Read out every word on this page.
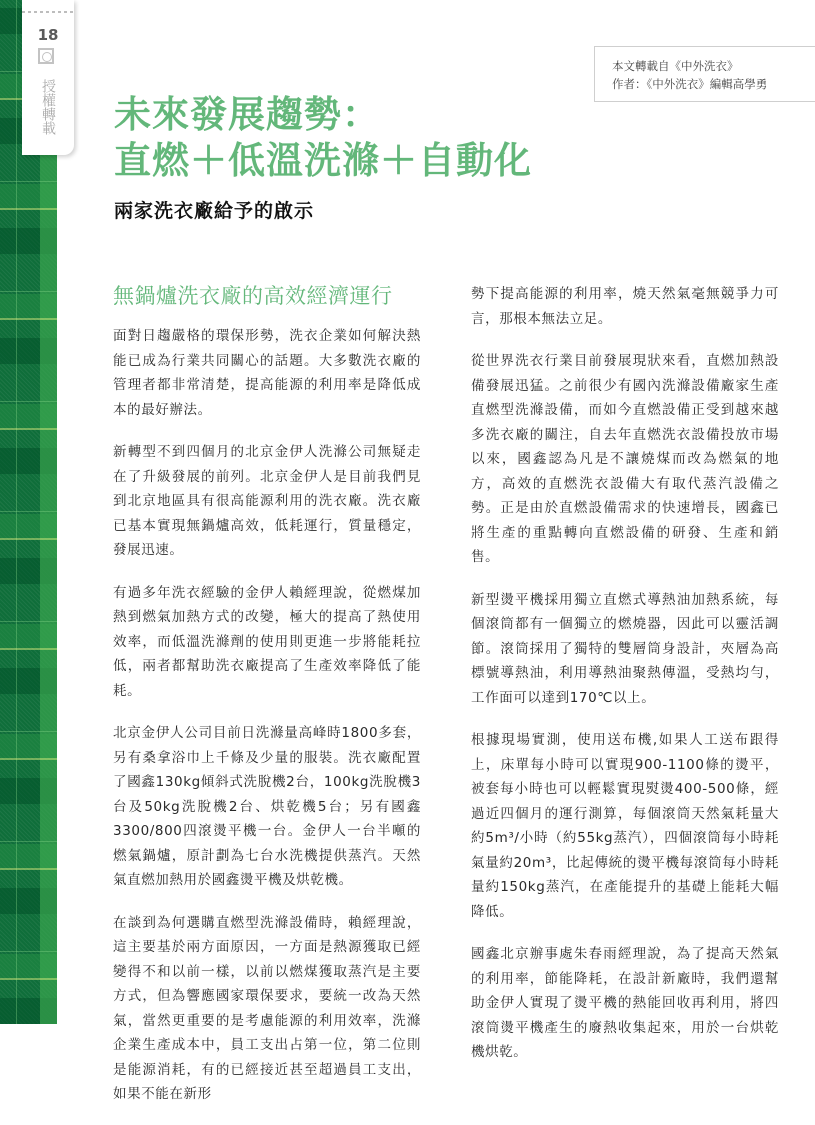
18
授權轉載
本文轉載自《中外洗衣》
作者：《中外洗衣》編輯高學勇
未來發展趨勢：
直燃＋低溫洗滌＋自動化
兩家洗衣廠給予的啟示
無鍋爐洗衣廠的高效經濟運行

面對日趨嚴格的環保形勢，洗衣企業如何解決熱能已成為行業共同關心的話題。大多數洗衣廠的管理者都非常清楚，提高能源的利用率是降低成本的最好辦法。

新轉型不到四個月的北京金伊人洗滌公司無疑走在了升級發展的前列。北京金伊人是目前我們見到北京地區具有很高能源利用的洗衣廠。洗衣廠已基本實現無鍋爐高效，低耗運行，質量穩定，發展迅速。

有過多年洗衣經驗的金伊人賴經理說，從燃煤加熱到燃氣加熱方式的改變，極大的提高了熱使用效率，而低溫洗滌劑的使用則更進一步將能耗拉低，兩者都幫助洗衣廠提高了生產效率降低了能耗。

北京金伊人公司目前日洗滌量高峰時1800多套，另有桑拿浴巾上千條及少量的服裝。洗衣廠配置了國鑫130kg傾斜式洗脫機2台，100kg洗脫機3台及50kg洗脫機2台、烘乾機5台；另有國鑫3300/800四滾燙平機一台。金伊人一台半噸的燃氣鍋爐，原計劃為七台水洗機提供蒸汽。天然氣直燃加熱用於國鑫燙平機及烘乾機。

在談到為何選購直燃型洗滌設備時，賴經理說，這主要基於兩方面原因，一方面是熱源獲取已經變得不和以前一樣，以前以燃煤獲取蒸汽是主要方式，但為響應國家環保要求，要統一改為天然氣，當然更重要的是考慮能源的利用效率，洗滌企業生產成本中，員工支出占第一位，第二位則是能源消耗，有的已經接近甚至超過員工支出，如果不能在新形

勢下提高能源的利用率，燒天然氣毫無競爭力可言，那根本無法立足。

從世界洗衣行業目前發展現狀來看，直燃加熱設備發展迅猛。之前很少有國內洗滌設備廠家生產直燃型洗滌設備，而如今直燃設備正受到越來越多洗衣廠的關注，自去年直燃洗衣設備投放市場以來，國鑫認為凡是不讓燒煤而改為燃氣的地方，高效的直燃洗衣設備大有取代蒸汽設備之勢。正是由於直燃設備需求的快速增長，國鑫已將生產的重點轉向直燃設備的研發、生產和銷售。

新型燙平機採用獨立直燃式導熱油加熱系統，每個滾筒都有一個獨立的燃燒器，因此可以靈活調節。滾筒採用了獨特的雙層筒身設計，夾層為高標號導熱油，利用導熱油聚熱傳溫，受熱均勻，工作面可以達到170℃以上。

根據現場實測，使用送布機,如果人工送布跟得上，床單每小時可以實現900-1100條的燙平，被套每小時也可以輕鬆實現熨燙400-500條，經過近四個月的運行測算，每個滾筒天然氣耗量大約5m³/小時（約55kg蒸汽），四個滾筒每小時耗氣量約20m³，比起傳統的燙平機每滾筒每小時耗量約150kg蒸汽，在產能提升的基礎上能耗大幅降低。

國鑫北京辦事處朱春雨經理說，為了提高天然氣的利用率，節能降耗，在設計新廠時，我們還幫助金伊人實現了燙平機的熱能回收再利用，將四滾筒燙平機產生的廢熱收集起來，用於一台烘乾機烘乾。
